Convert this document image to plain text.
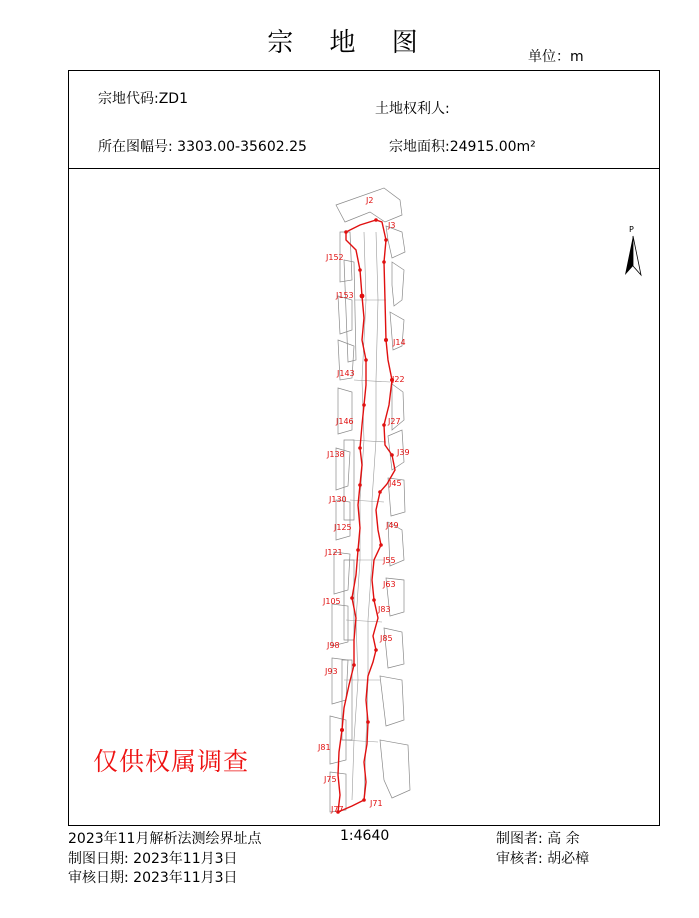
宗 地 图	单位：m
宗地代码:ZD1
土地权利人:
所在图幅号: 3303.00-35602.25	宗地面积:24915.00m²
J2
J3
J152
J153
J14
J143
J22
J27
J146
J39
J138
J45
J130
J49
J125
J55
J121
J63
J105
J83
J98
J85
J93
J81
J75
J77
J71
P
仅供权属调查
2023年11月解析法测绘界址点	1:4640	制图者: 高 余
制图日期: 2023年11月3日	审核者: 胡必樟
审核日期: 2023年11月3日
